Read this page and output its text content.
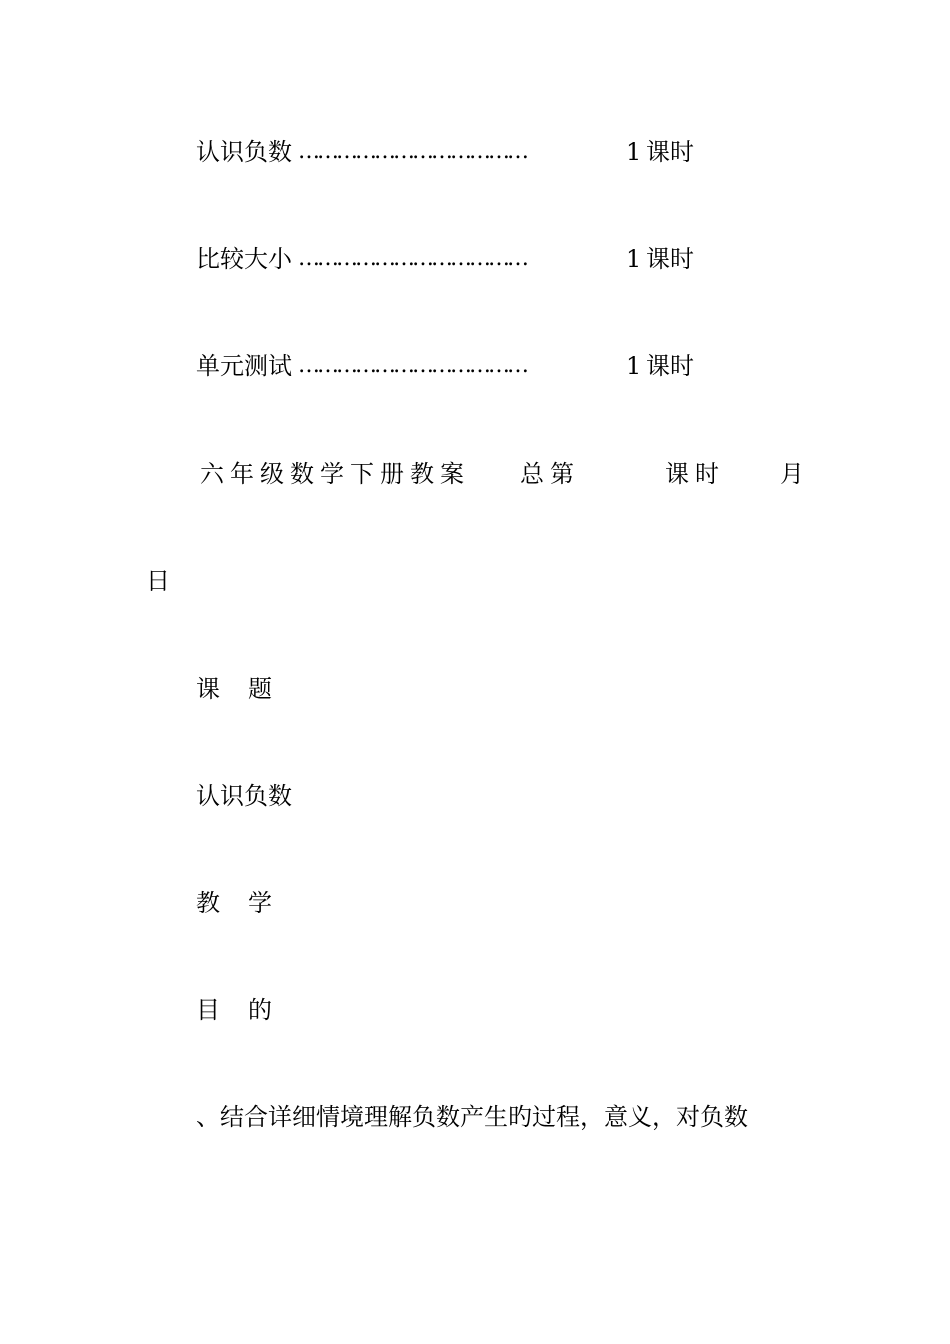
认识负数 ………………………………	1 课时
比较大小 ………………………………	1 课时
单元测试 ………………………………	1 课时
六年级数学下册教案 总第	课时 月
日
课题
认识负数
教学
目的
、结合详细情境理解负数产生旳过程，意义，对负数
